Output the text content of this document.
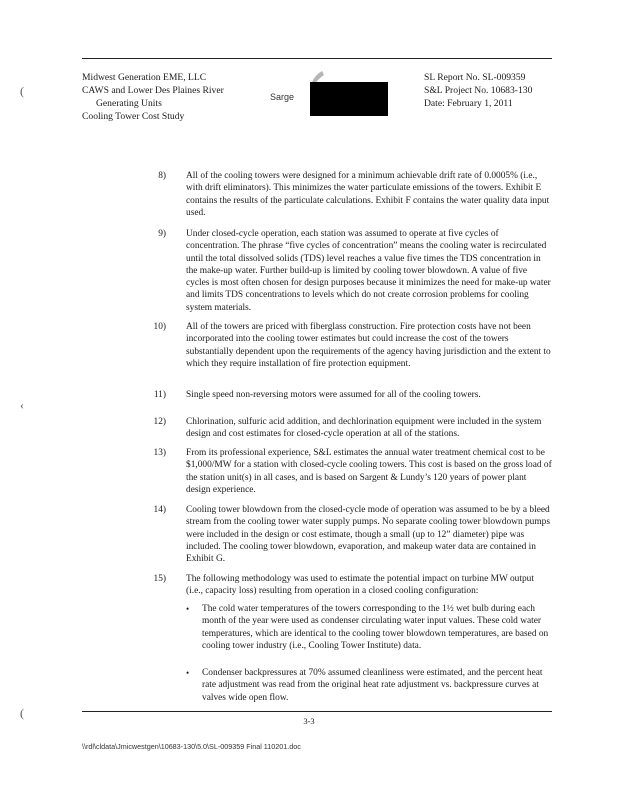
Midwest Generation EME, LLC
CAWS and Lower Des Plaines River
Generating Units
Cooling Tower Cost Study
SL Report No. SL-009359
S&L Project No. 10683-130
Date: February 1, 2011
Sarge
(
‹
(
8) All of the cooling towers were designed for a minimum achievable drift rate of 0.0005% (i.e., with drift eliminators). This minimizes the water particulate emissions of the towers. Exhibit E contains the results of the particulate calculations. Exhibit F contains the water quality data input used.
9) Under closed-cycle operation, each station was assumed to operate at five cycles of concentration. The phrase “five cycles of concentration” means the cooling water is recirculated until the total dissolved solids (TDS) level reaches a value five times the TDS concentration in the make-up water. Further build-up is limited by cooling tower blowdown. A value of five cycles is most often chosen for design purposes because it minimizes the need for make-up water and limits TDS concentrations to levels which do not create corrosion problems for cooling system materials.
10) All of the towers are priced with fiberglass construction. Fire protection costs have not been incorporated into the cooling tower estimates but could increase the cost of the towers substantially dependent upon the requirements of the agency having jurisdiction and the extent to which they require installation of fire protection equipment.
11) Single speed non-reversing motors were assumed for all of the cooling towers.
12) Chlorination, sulfuric acid addition, and dechlorination equipment were included in the system design and cost estimates for closed-cycle operation at all of the stations.
13) From its professional experience, S&L estimates the annual water treatment chemical cost to be $1,000/MW for a station with closed-cycle cooling towers. This cost is based on the gross load of the station unit(s) in all cases, and is based on Sargent & Lundy’s 120 years of power plant design experience.
14) Cooling tower blowdown from the closed-cycle mode of operation was assumed to be by a bleed stream from the cooling tower water supply pumps. No separate cooling tower blowdown pumps were included in the design or cost estimate, though a small (up to 12” diameter) pipe was included. The cooling tower blowdown, evaporation, and makeup water data are contained in Exhibit G.
15) The following methodology was used to estimate the potential impact on turbine MW output (i.e., capacity loss) resulting from operation in a closed cooling configuration:
• The cold water temperatures of the towers corresponding to the 1½ wet bulb during each month of the year were used as condenser circulating water input values. These cold water temperatures, which are identical to the cooling tower blowdown temperatures, are based on cooling tower industry (i.e., Cooling Tower Institute) data.
• Condenser backpressures at 70% assumed cleanliness were estimated, and the percent heat rate adjustment was read from the original heat rate adjustment vs. backpressure curves at valves wide open flow.
3-3
\\rdl\cldata\Jmicwestgen\10683-130\5.0\SL-009359 Final 110201.doc
